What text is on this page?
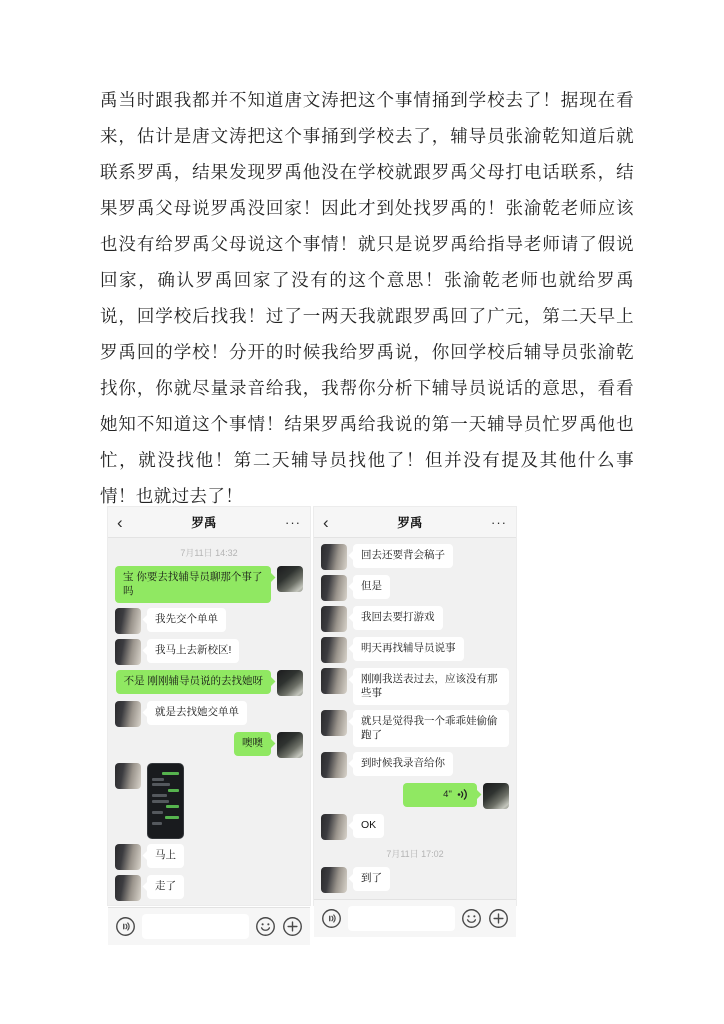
禹当时跟我都并不知道唐文涛把这个事情捅到学校去了！据现在看来，估计是唐文涛把这个事捅到学校去了，辅导员张渝乾知道后就联系罗禹，结果发现罗禹他没在学校就跟罗禹父母打电话联系，结果罗禹父母说罗禹没回家！因此才到处找罗禹的！张渝乾老师应该也没有给罗禹父母说这个事情！就只是说罗禹给指导老师请了假说回家，确认罗禹回家了没有的这个意思！张渝乾老师也就给罗禹说，回学校后找我！过了一两天我就跟罗禹回了广元，第二天早上罗禹回的学校！分开的时候我给罗禹说，你回学校后辅导员张渝乾找你，你就尽量录音给我，我帮你分析下辅导员说话的意思，看看她知不知道这个事情！结果罗禹给我说的第一天辅导员忙罗禹他也忙，就没找他！第二天辅导员找他了！但并没有提及其他什么事情！也就过去了！

‹	罗禹	···
7月11日 14:32
宝 你要去找辅导员聊那个事了吗
我先交个单单
我马上去新校区!
不是 刚刚辅导员说的去找她呀
就是去找她交单单
噢噢
马上
走了
‹	罗禹	···
回去还要背会稿子
但是
我回去要打游戏
明天再找辅导员说事
刚刚我送表过去，应该没有那些事
就只是觉得我一个乖乖娃偷偷跑了
到时候我录音给你
4''
OK
7月11日 17:02
到了
